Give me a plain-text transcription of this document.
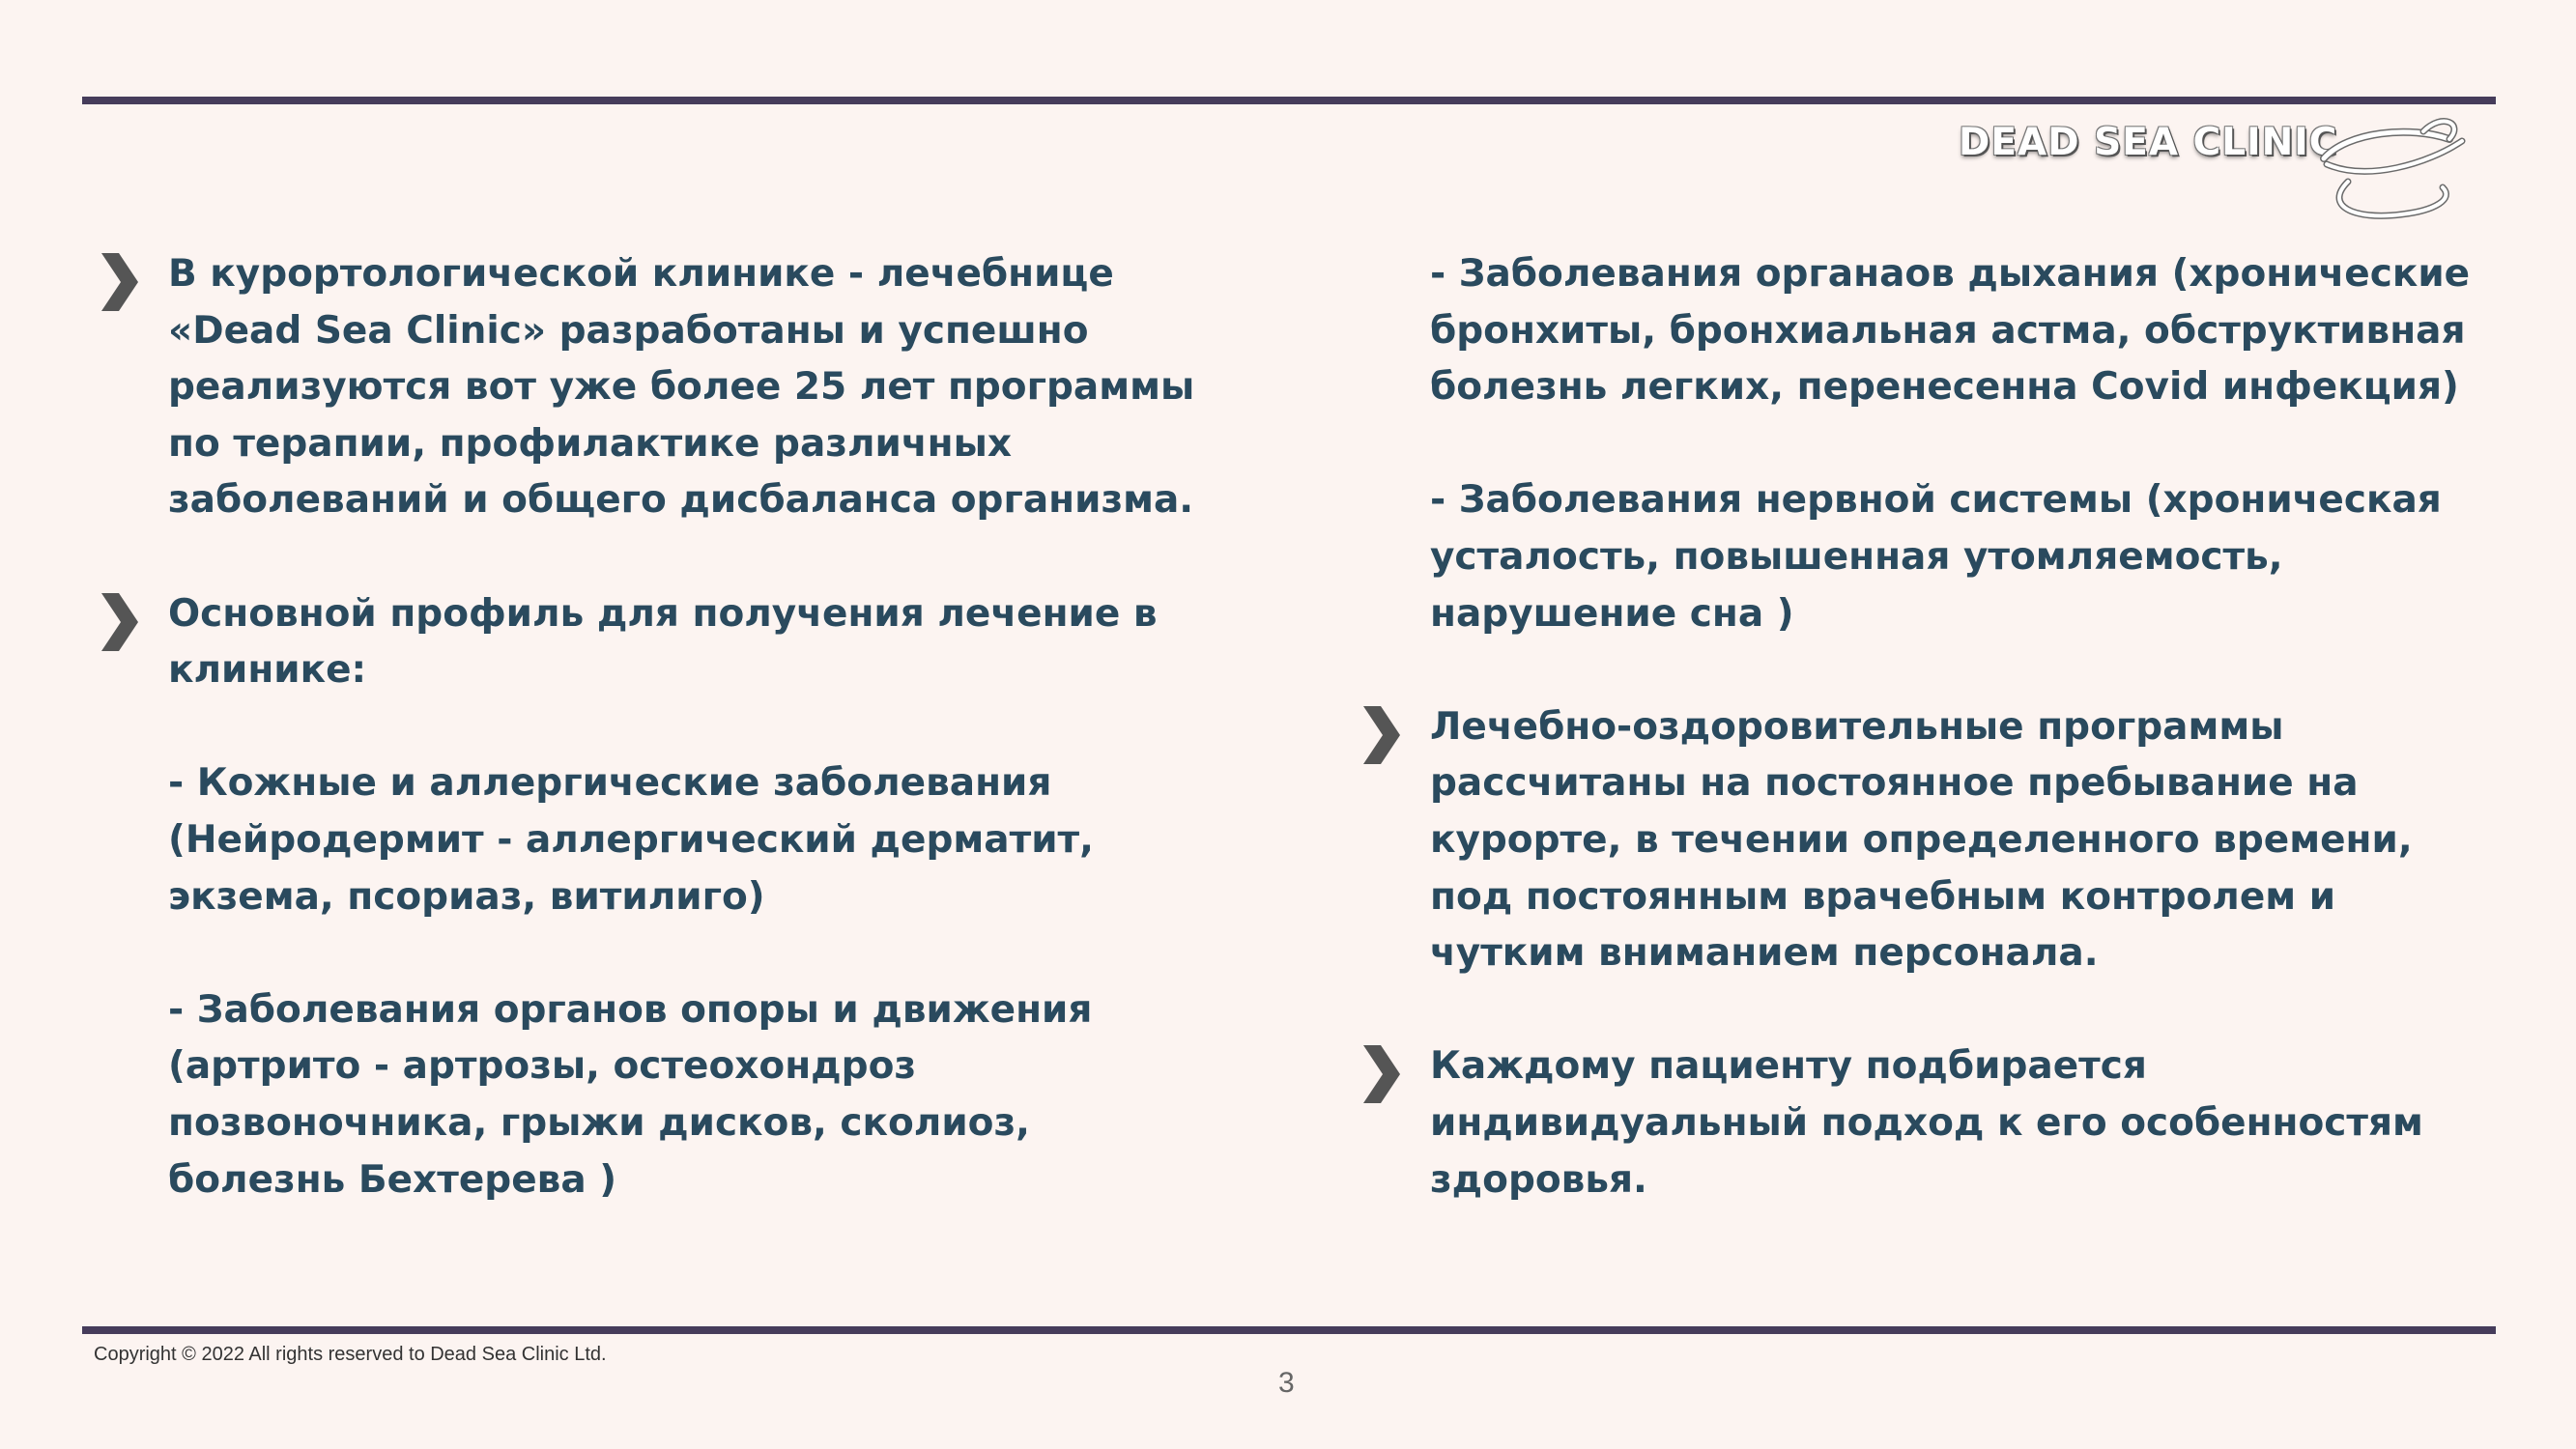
DEAD SEA CLINIC
В курортологической клинике - лечебнице
«Dead Sea Clinic» разработаны и успешно
реализуются вот уже более 25 лет программы
по терапии, профилактике различных
заболеваний и общего дисбаланса организма.
Основной профиль для получения лечение в
клинике:
- Кожные и аллергические заболевания
(Нейродермит - аллергический дерматит,
экзема, псориаз, витилиго)
- Заболевания органов опоры и движения
(артрито - артрозы, остеохондроз
позвоночника, грыжи дисков, сколиоз,
болезнь Бехтерева )
- Заболевания органаов дыхания (хронические
бронхиты, бронхиальная астма, обструктивная
болезнь легких, перенесенна Covid инфекция)
- Заболевания нервной системы (хроническая
усталость, повышенная утомляемость,
нарушение сна )
Лечебно-оздоровительные программы
рассчитаны на постоянное пребывание на
курорте, в течении определенного времени,
под постоянным врачебным контролем и
чутким вниманием персонала.
Каждому пациенту подбирается
индивидуальный подход к его особенностям
здоровья.
Copyright © 2022 All rights reserved to Dead Sea Clinic Ltd.
3
